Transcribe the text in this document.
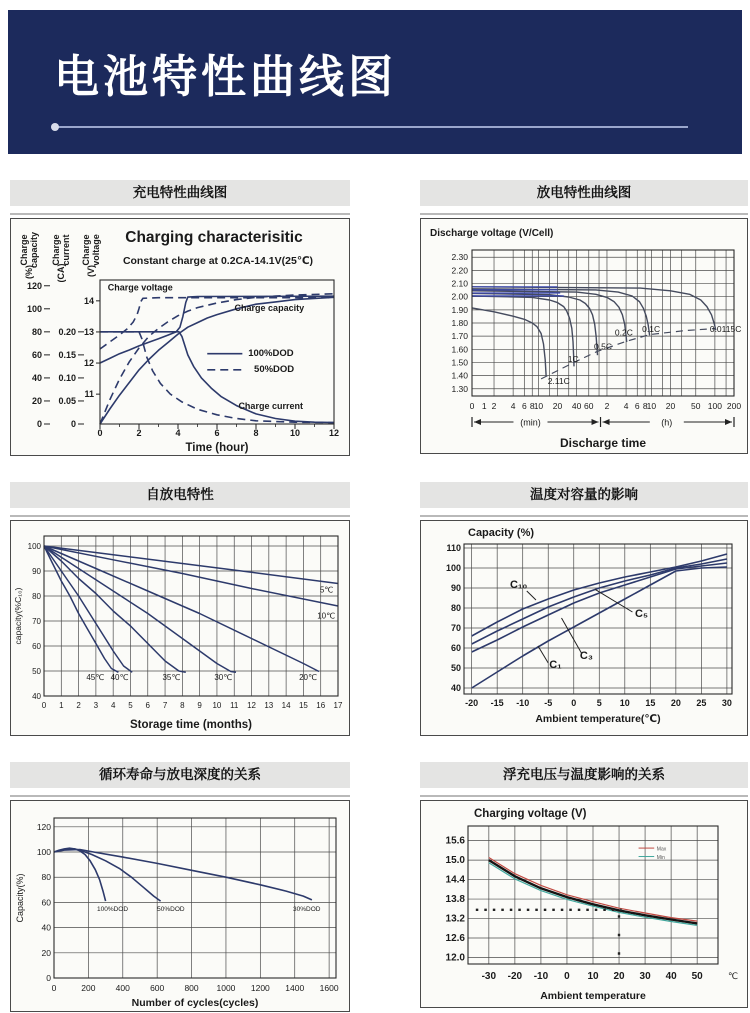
电池特性曲线图
充电特性曲线图
0	2	4	6	8	10	12
0
20
40
60
80
100
120
0
0.05
0.10
0.15
0.20
11
12
13
14
Charging characterisitic
Constant charge at 0.2CA-14.1V(25℃)
Charge capacity
(%)
Charge current
(CA)
Charge voltage
(V)
Charge voltage
Charge capacity
Charge current
100%DOD
50%DOD
Time (hour)
放电特性曲线图
0 1 2 4 6 8 10 20 40 60 2 4 6 8 10 20 50 100 200
2.30
2.20
2.10
2.00
1.90
1.80
1.70
1.60
1.50
1.40
1.30
Discharge voltage (V/Cell)
2.11C
1C
0.5C
0.2C 0.1C	0.0115C
(min)	(h)
Discharge time
自放电特性
0 1 2 3 4 5 6 7 8 9 10 11 12 13 14 15 16 17
40
50
60
70
80
90
100
capacity(%C₁₀)
45℃ 40℃	35℃	30℃	20℃
5℃
10℃
Storage time (months)
温度对容量的影响
-20 -15 -10 -5 0 5 10 15 20 25 30
40
50
60
70
80
90
100
110
Capacity (%)
C₁₀
C₅
C₃
C₁
Ambient temperature(℃)
循环寿命与放电深度的关系
0	200 400 600 800 1000 1200 1400 1600
0
20
40
60
80
100
120
Capacity(%)	100%DOD	50%DOD	30%DOD
Number of cycles(cycles)
浮充电压与温度影响的关系
-30 -20 -10 0 10 20 30 40 50
12.0
12.6
13.2
13.8
14.4
15.0
15.6
Charging voltage (V)
Max
Min
℃
Ambient temperature
